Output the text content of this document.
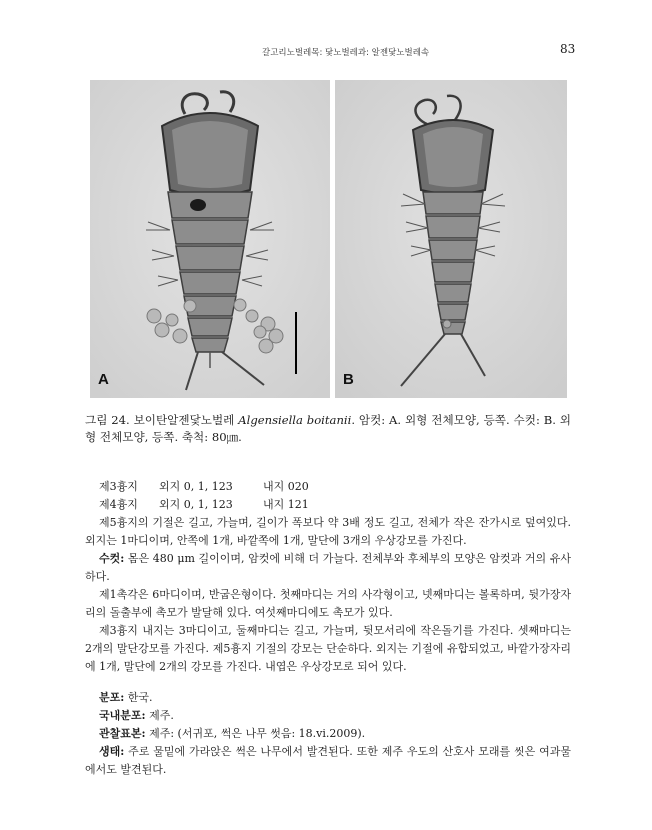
갈고리노벌레목: 닻노벌레과: 알젠닻노벌레속	83
A	B
그림 24. 보이탄알젠닻노벌레 Algensiella boitanii. 암컷: A. 외형 전체모양, 등쪽. 수컷: B. 외형 전체모양, 등쪽. 축척: 80㎛.
제3흉지	외지 0, 1, 123	내지 020
제4흉지	외지 0, 1, 123	내지 121

제5흉지의 기절은 길고, 가늘며, 길이가 폭보다 약 3배 정도 길고, 전체가 작은 잔가시로 덮여있다. 외지는 1마디이며, 안쪽에 1개, 바깥쪽에 1개, 말단에 3개의 우상강모를 가진다.

수컷: 몸은 480 μm 길이이며, 암컷에 비해 더 가늘다. 전체부와 후체부의 모양은 암컷과 거의 유사하다.

제1촉각은 6마디이며, 반굽은형이다. 첫째마디는 거의 사각형이고, 넷째마디는 볼록하며, 뒷가장자리의 돌출부에 촉모가 발달해 있다. 여섯째마디에도 촉모가 있다.

제3흉지 내지는 3마디이고, 둘째마디는 길고, 가늘며, 뒷모서리에 작은돌기를 가진다. 셋째마디는 2개의 말단강모를 가진다. 제5흉지 기절의 강모는 단순하다. 외지는 기절에 유합되었고, 바깥가장자리에 1개, 말단에 2개의 강모를 가진다. 내엽은 우상강모로 되어 있다.

분포: 한국.

국내분포: 제주.

관찰표본: 제주: (서귀포, 썩은 나무 썻음: 18.vi.2009).

생태: 주로 물밑에 가라앉은 썩은 나무에서 발견된다. 또한 제주 우도의 산호사 모래를 씻은 여과물에서도 발견된다.
